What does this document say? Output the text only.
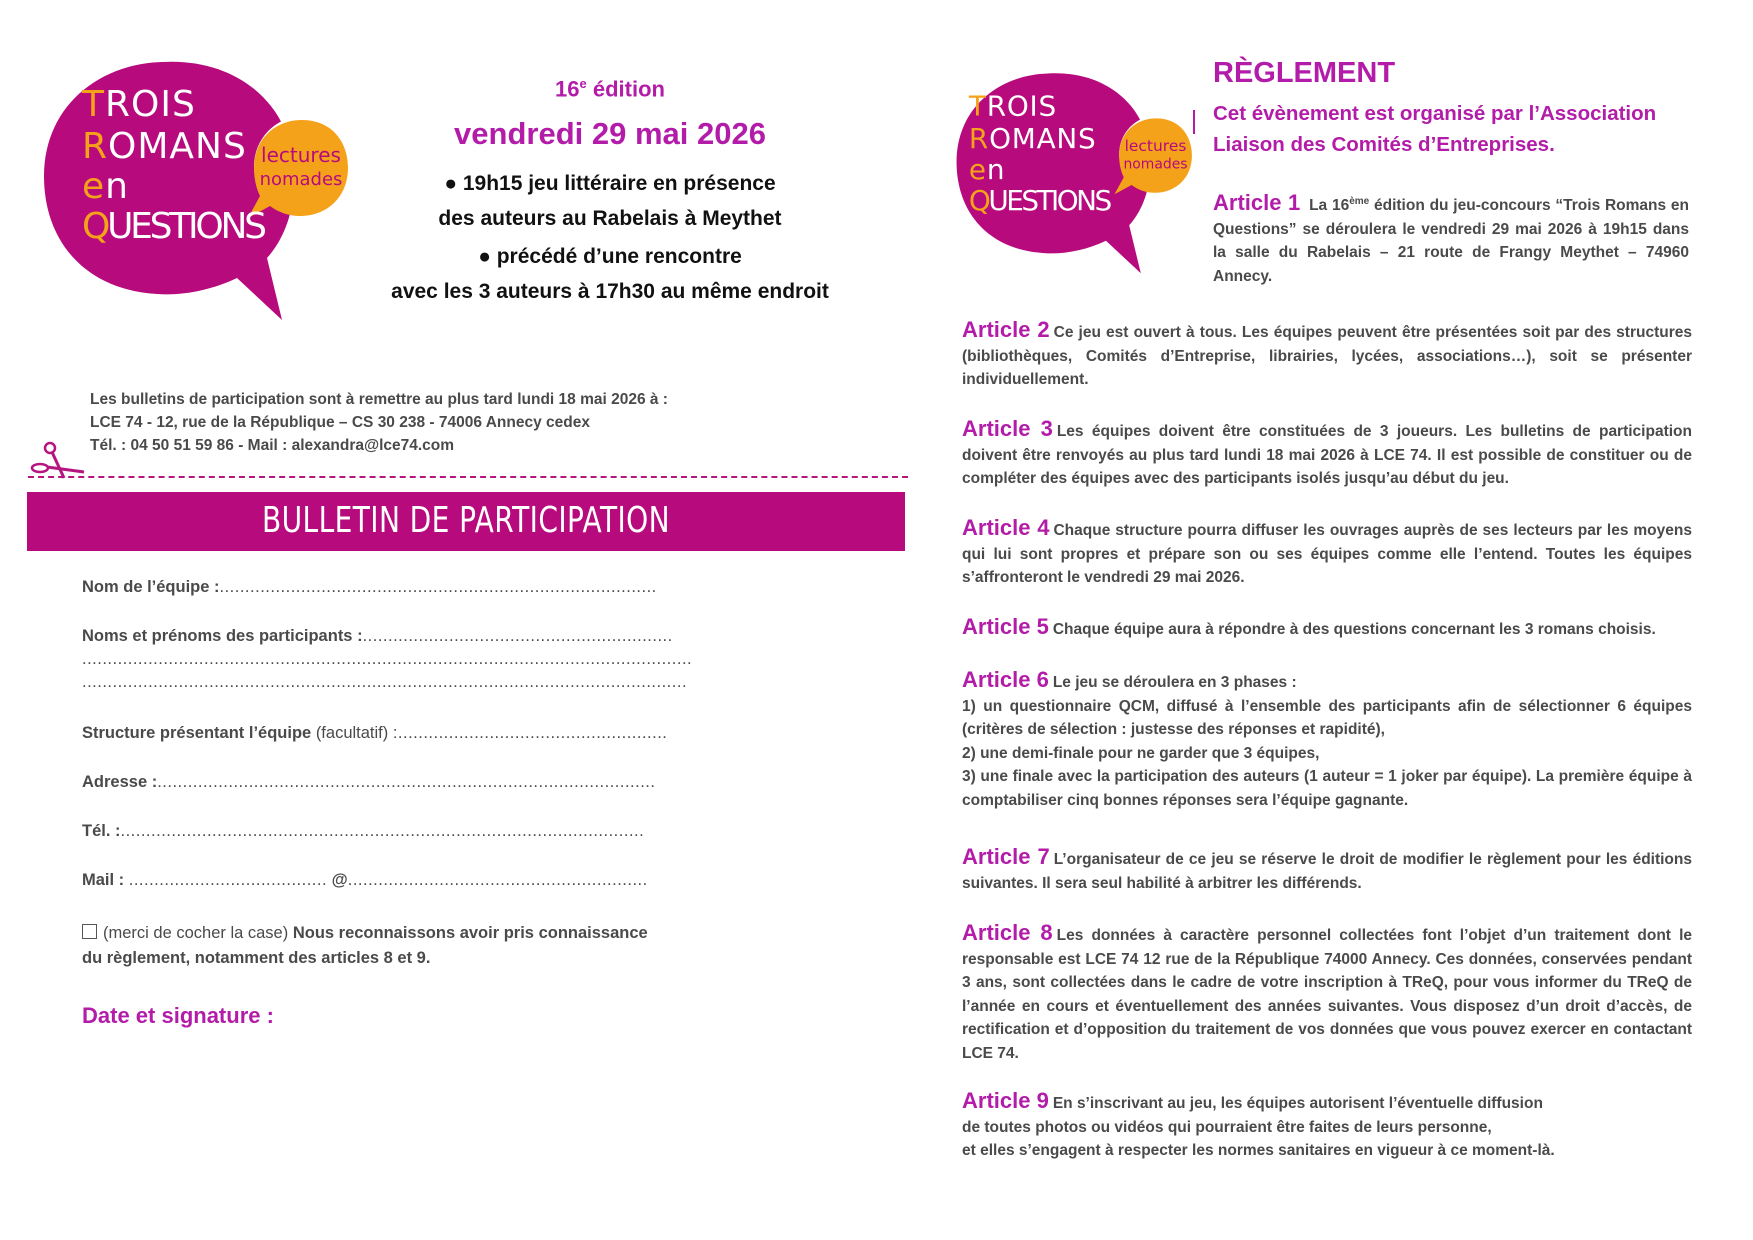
TROIS
ROMANS
en
QUESTIONS
lectures
nomades
16e édition
vendredi 29 mai 2026
● 19h15 jeu littéraire en présence
des auteurs au Rabelais à Meythet
● précédé d’une rencontre
avec les 3 auteurs à 17h30 au même endroit
Les bulletins de participation sont à remettre au plus tard lundi 18 mai 2026 à :
LCE 74 - 12, rue de la République – CS 30 238 - 74006 Annecy cedex
Tél. : 04 50 51 59 86 - Mail : alexandra@lce74.com
BULLETIN DE PARTICIPATION
Nom de l’équipe :......................................................................................
Noms et prénoms des participants :.............................................................
........................................................................................................................
.......................................................................................................................
Structure présentant l’équipe (facultatif) :.....................................................
Adresse :..................................................................................................
Tél. :.......................................................................................................
Mail : ....................................... @...........................................................
(merci de cocher la case) Nous reconnaissons avoir pris connaissance
du règlement, notamment des articles 8 et 9.
Date et signature :
TROIS
ROMANS
en
QUESTIONS
lectures
nomades
RÈGLEMENT
Cet évènement est organisé par l’Association
Liaison des Comités d’Entreprises.
Article 1 La 16ème édition du jeu-concours “Trois Romans en Questions” se déroulera le vendredi 29 mai 2026 à 19h15 dans la salle du Rabelais – 21 route de Frangy Meythet – 74960 Annecy.
Article 2 Ce jeu est ouvert à tous. Les équipes peuvent être présentées soit par des structures (bibliothèques, Comités d’Entreprise, librairies, lycées, associations…), soit se présenter individuellement.
Article 3 Les équipes doivent être constituées de 3 joueurs. Les bulletins de participation doivent être renvoyés au plus tard lundi 18 mai 2026 à LCE 74. Il est possible de constituer ou de compléter des équipes avec des participants isolés jusqu’au début du jeu.
Article 4 Chaque structure pourra diffuser les ouvrages auprès de ses lecteurs par les moyens qui lui sont propres et prépare son ou ses équipes comme elle l’entend. Toutes les équipes s’affronteront le vendredi 29 mai 2026.
Article 5 Chaque équipe aura à répondre à des questions concernant les 3 romans choisis.
Article 6 Le jeu se déroulera en 3 phases :
1) un questionnaire QCM, diffusé à l’ensemble des participants afin de sélectionner 6 équipes (critères de sélection : justesse des réponses et rapidité),
2) une demi-finale pour ne garder que 3 équipes,
3) une finale avec la participation des auteurs (1 auteur = 1 joker par équipe). La première équipe à comptabiliser cinq bonnes réponses sera l’équipe gagnante.
Article 7 L’organisateur de ce jeu se réserve le droit de modifier le règlement pour les éditions suivantes. Il sera seul habilité à arbitrer les différends.
Article 8 Les données à caractère personnel collectées font l’objet d’un traitement dont le responsable est LCE 74 12 rue de la République 74000 Annecy. Ces données, conservées pendant 3 ans, sont collectées dans le cadre de votre inscription à TReQ, pour vous informer du TReQ de l’année en cours et éventuellement des années suivantes. Vous disposez d’un droit d’accès, de rectification et d’opposition du traitement de vos données que vous pouvez exercer en contactant LCE 74.
Article 9 En s’inscrivant au jeu, les équipes autorisent l’éventuelle diffusion
de toutes photos ou vidéos qui pourraient être faites de leurs personne,
et elles s’engagent à respecter les normes sanitaires en vigueur à ce moment-là.
